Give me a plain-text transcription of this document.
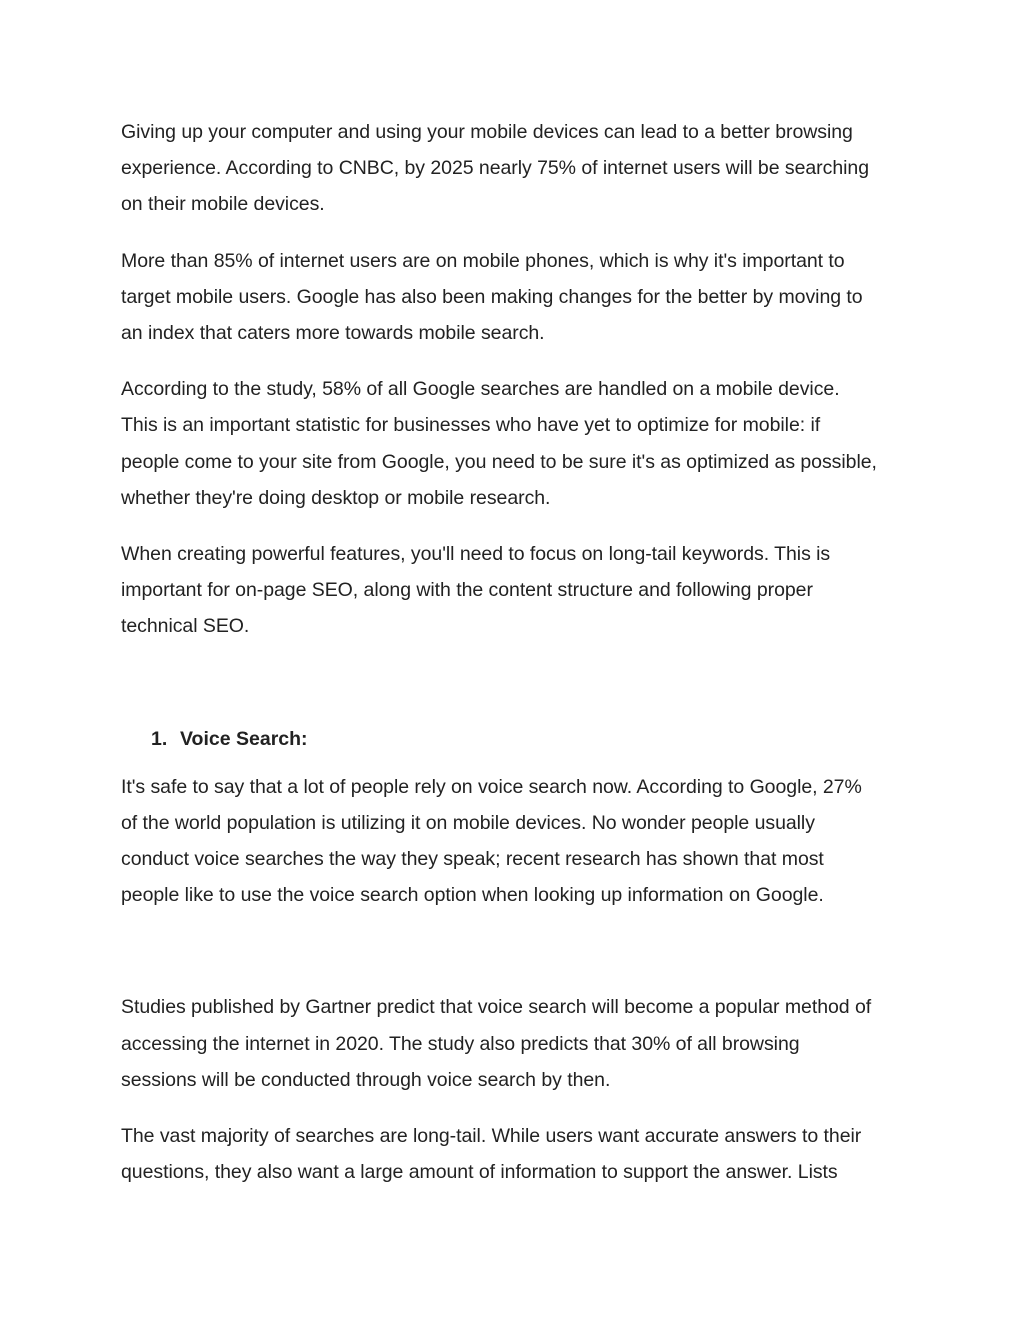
Giving up your computer and using your mobile devices can lead to a better browsing
experience. According to CNBC, by 2025 nearly 75% of internet users will be searching
on their mobile devices.

More than 85% of internet users are on mobile phones, which is why it's important to
target mobile users. Google has also been making changes for the better by moving to
an index that caters more towards mobile search.

According to the study, 58% of all Google searches are handled on a mobile device.
This is an important statistic for businesses who have yet to optimize for mobile: if
people come to your site from Google, you need to be sure it's as optimized as possible,
whether they're doing desktop or mobile research.

When creating powerful features, you'll need to focus on long-tail keywords. This is
important for on-page SEO, along with the content structure and following proper
technical SEO.

1. Voice Search:

It's safe to say that a lot of people rely on voice search now. According to Google, 27%
of the world population is utilizing it on mobile devices. No wonder people usually
conduct voice searches the way they speak; recent research has shown that most
people like to use the voice search option when looking up information on Google.

Studies published by Gartner predict that voice search will become a popular method of
accessing the internet in 2020. The study also predicts that 30% of all browsing
sessions will be conducted through voice search by then.

The vast majority of searches are long-tail. While users want accurate answers to their
questions, they also want a large amount of information to support the answer. Lists
